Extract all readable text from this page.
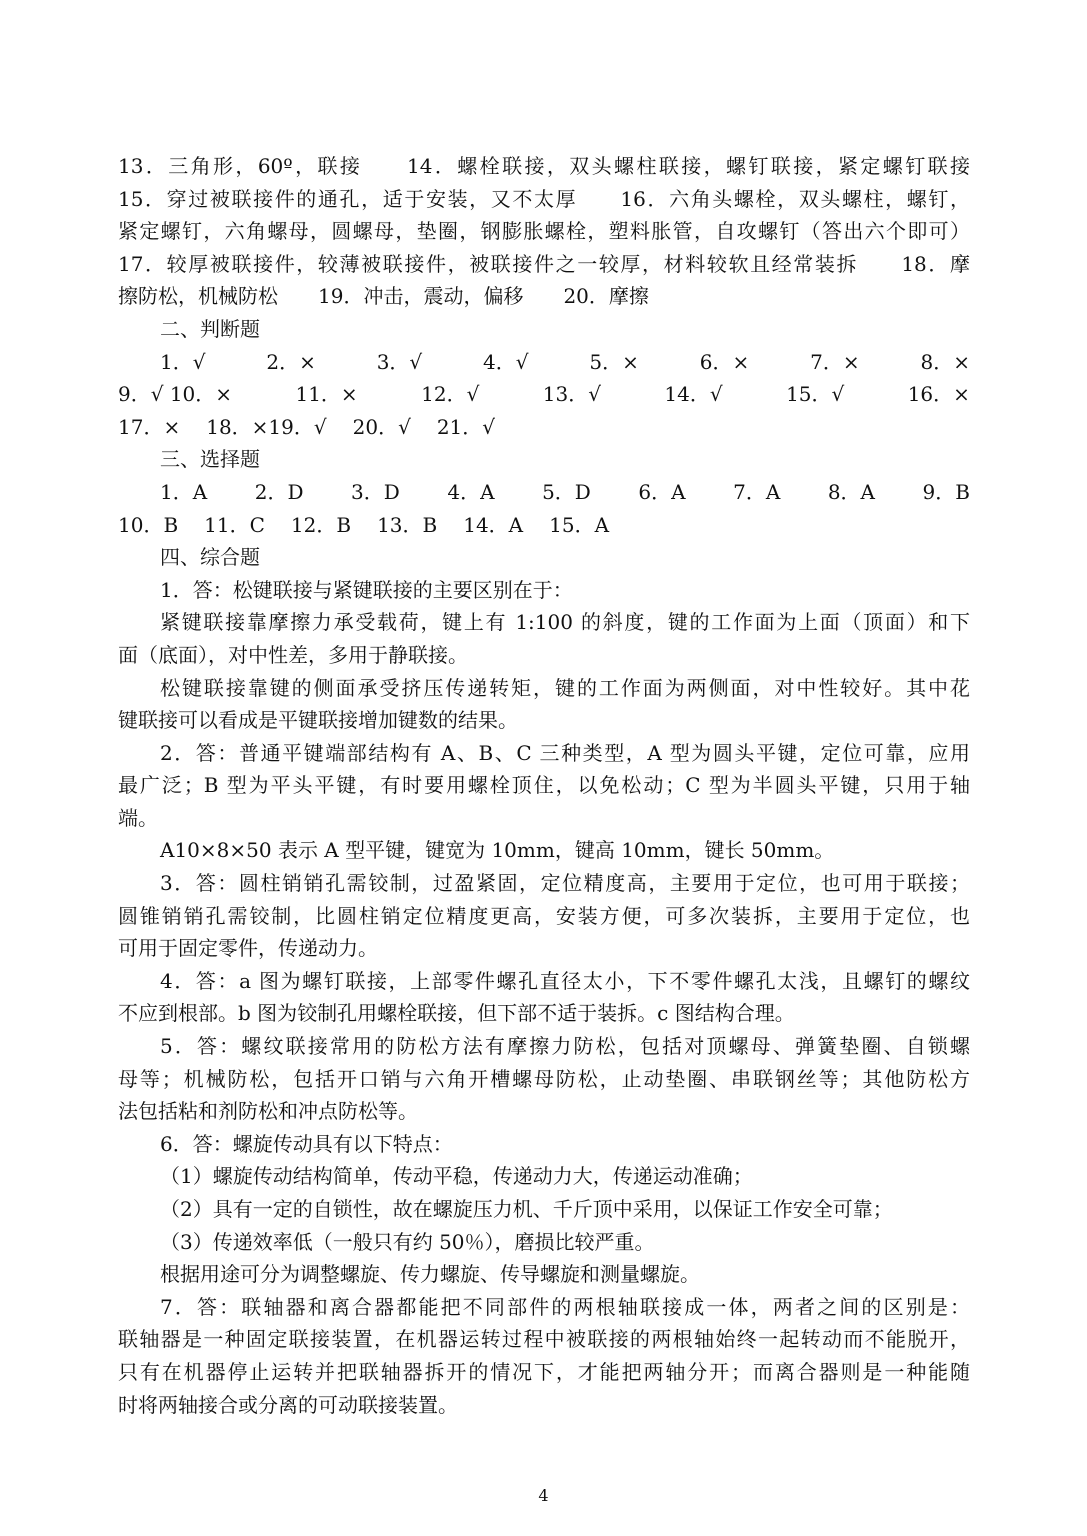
13．三角形，60º，联接　　14．螺栓联接，双头螺柱联接，螺钉联接，紧定螺钉联接
15．穿过被联接件的通孔，适于安装，又不太厚　　16．六角头螺栓，双头螺柱，螺钉，
紧定螺钉，六角螺母，圆螺母，垫圈，钢膨胀螺栓，塑料胀管，自攻螺钉（答出六个即可）
17．较厚被联接件，较薄被联接件，被联接件之一较厚，材料较软且经常装拆　　18．摩
擦防松，机械防松　　19．冲击，震动，偏移　　20．摩擦
二、判断题
1．√	2．×	3．√	4．√	5．×	6．×	7．×	8．×
9．√ 10．×	11．×	12．√	13．√	14．√	15．√	16．×
17．× 18．×19．√ 20．√ 21．√
三、选择题
1．A 2．D 3．D 4．A 5．D 6．A 7．A 8．A 9．B
10．B 11．C 12．B 13．B 14．A 15．A
四、综合题
1．答：松键联接与紧键联接的主要区别在于：
紧键联接靠摩擦力承受载荷，键上有 1:100 的斜度，键的工作面为上面（顶面）和下
面（底面），对中性差，多用于静联接。
松键联接靠键的侧面承受挤压传递转矩，键的工作面为两侧面，对中性较好。其中花
键联接可以看成是平键联接增加键数的结果。
2．答：普通平键端部结构有 A、B、C 三种类型，A 型为圆头平键，定位可靠，应用
最广泛；B 型为平头平键，有时要用螺栓顶住，以免松动；C 型为半圆头平键，只用于轴
端。
A10×8×50 表示 A 型平键，键宽为 10mm，键高 10mm，键长 50mm。
3．答：圆柱销销孔需铰制，过盈紧固，定位精度高，主要用于定位，也可用于联接；
圆锥销销孔需铰制，比圆柱销定位精度更高，安装方便，可多次装拆，主要用于定位，也
可用于固定零件，传递动力。
4．答：a 图为螺钉联接，上部零件螺孔直径太小，下不零件螺孔太浅，且螺钉的螺纹
不应到根部。b 图为铰制孔用螺栓联接，但下部不适于装拆。c 图结构合理。
5．答：螺纹联接常用的防松方法有摩擦力防松，包括对顶螺母、弹簧垫圈、自锁螺
母等；机械防松，包括开口销与六角开槽螺母防松，止动垫圈、串联钢丝等；其他防松方
法包括粘和剂防松和冲点防松等。
6．答：螺旋传动具有以下特点：
（1）螺旋传动结构简单，传动平稳，传递动力大，传递运动准确；
（2）具有一定的自锁性，故在螺旋压力机、千斤顶中采用，以保证工作安全可靠；
（3）传递效率低（一般只有约 50％），磨损比较严重。
根据用途可分为调整螺旋、传力螺旋、传导螺旋和测量螺旋。
7．答：联轴器和离合器都能把不同部件的两根轴联接成一体，两者之间的区别是：
联轴器是一种固定联接装置，在机器运转过程中被联接的两根轴始终一起转动而不能脱开，
只有在机器停止运转并把联轴器拆开的情况下，才能把两轴分开；而离合器则是一种能随
时将两轴接合或分离的可动联接装置。
4
